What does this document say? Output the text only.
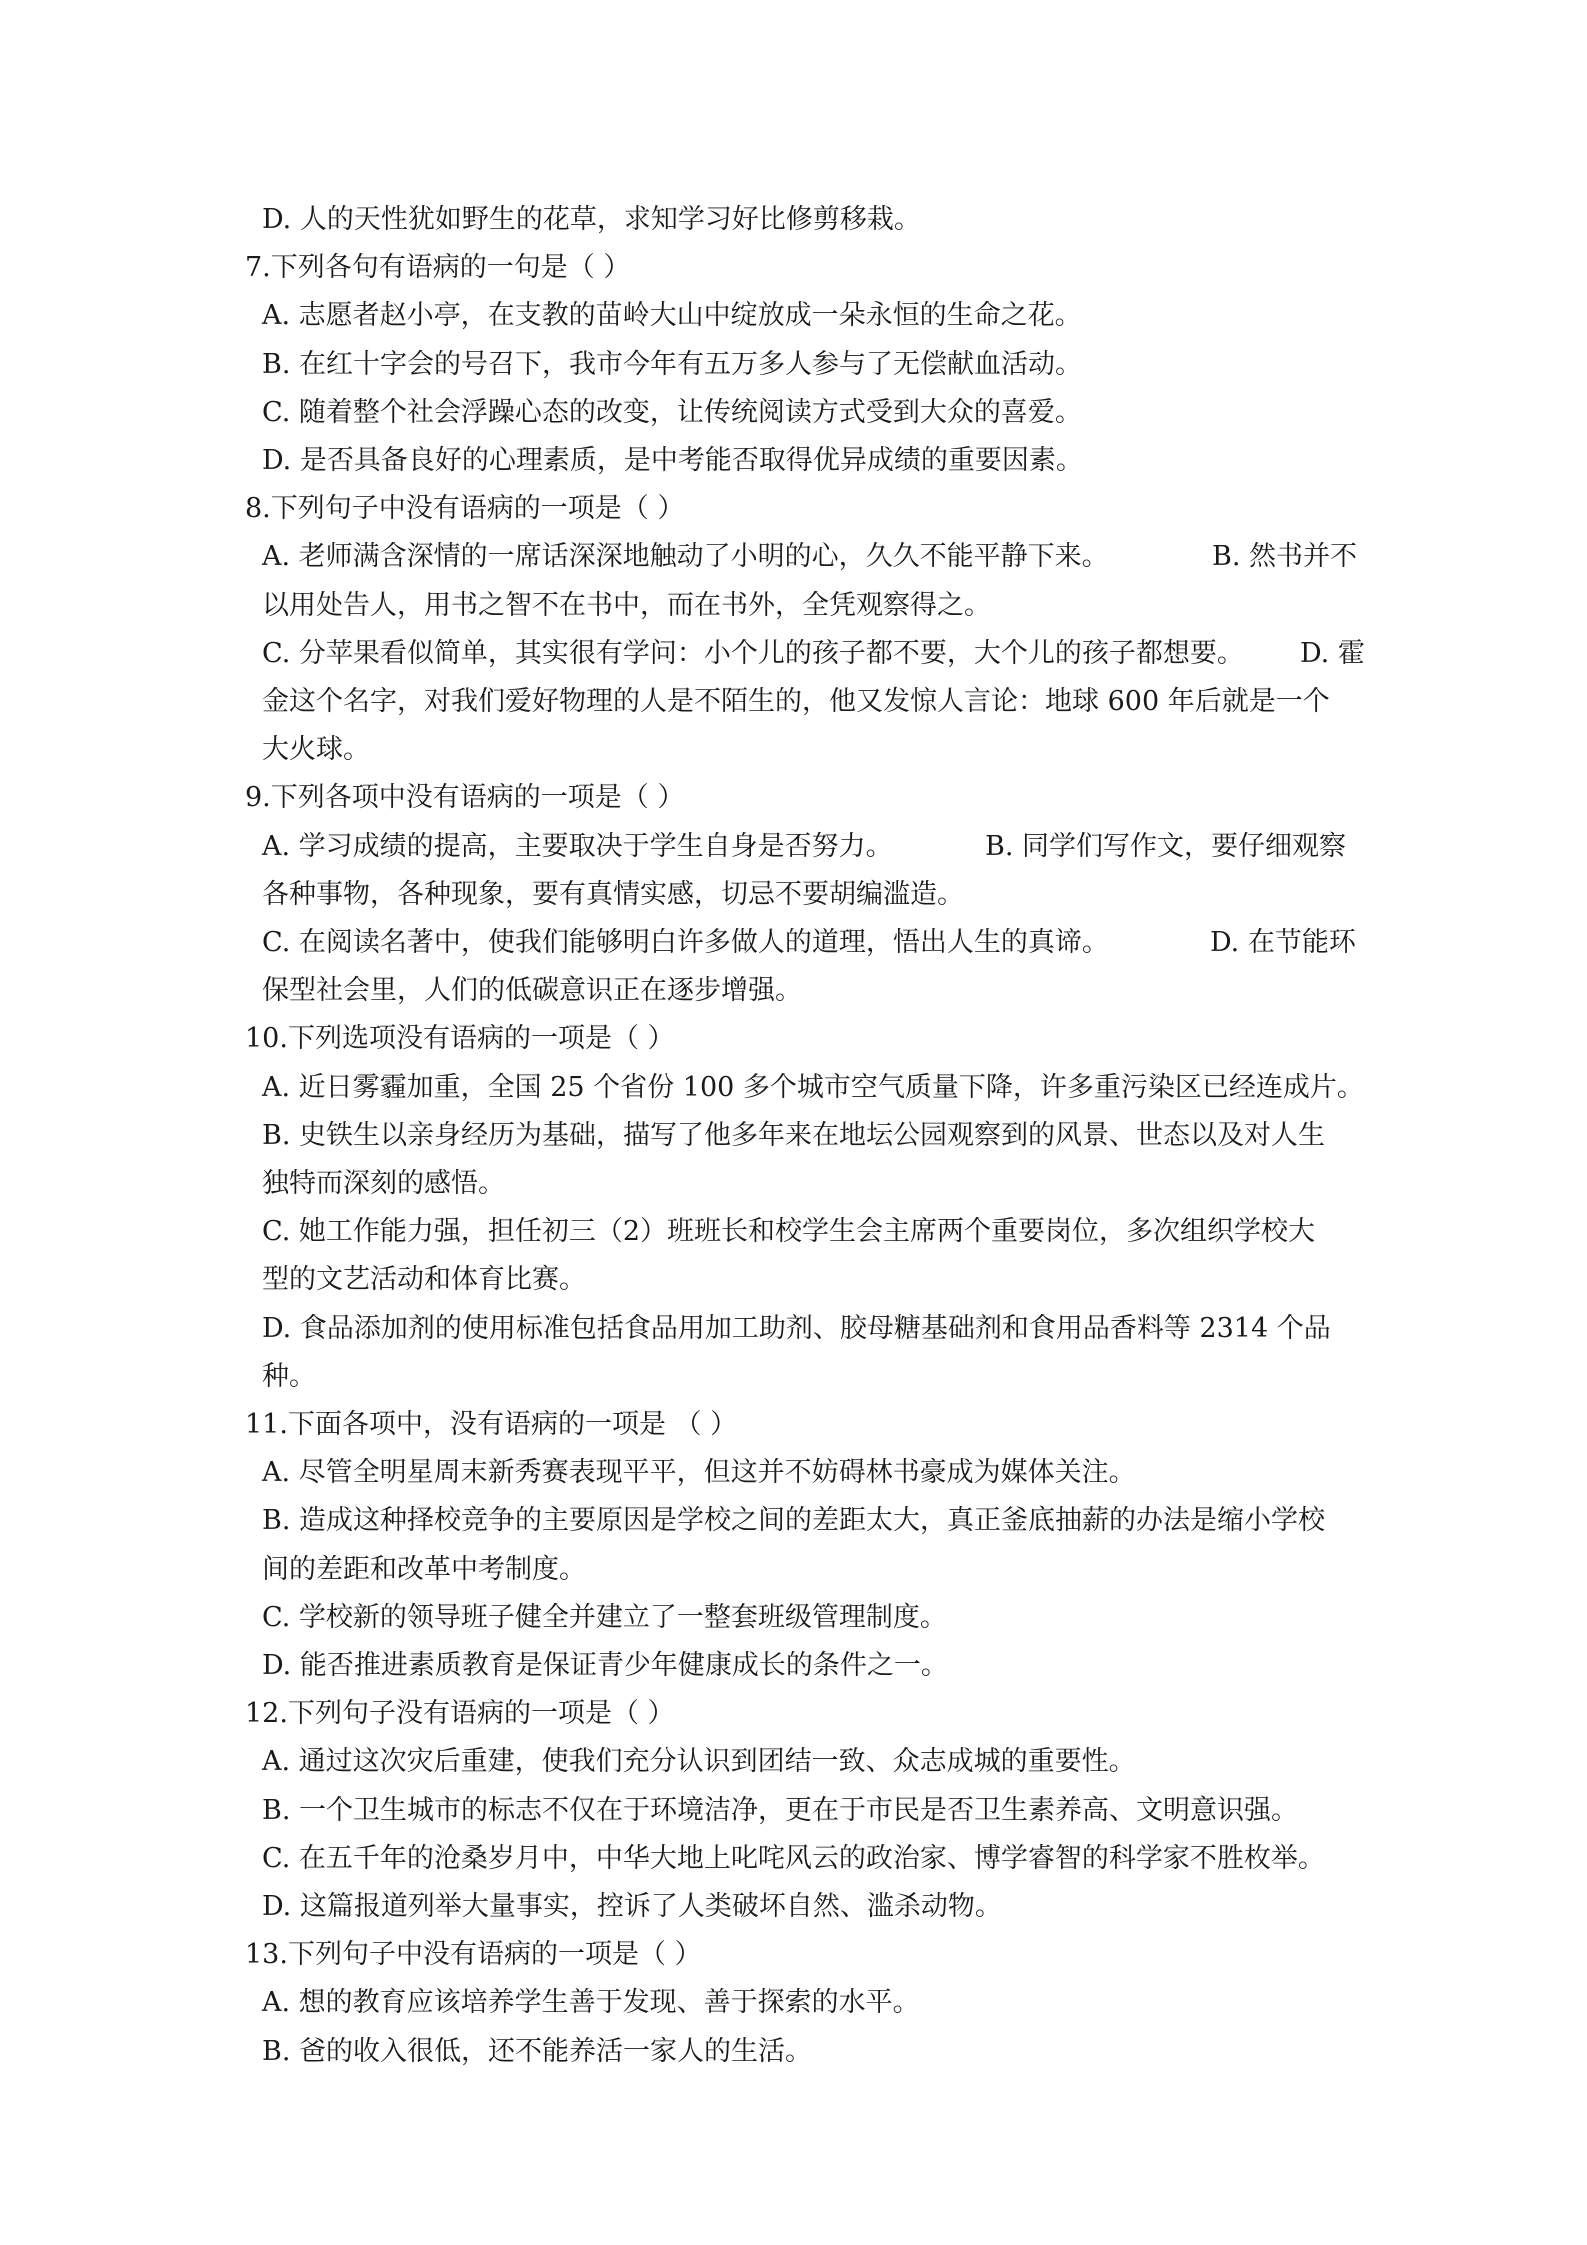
D. 人的天性犹如野生的花草，求知学习好比修剪移栽。
7.下列各句有语病的一句是（ ）
A. 志愿者赵小亭，在支教的苗岭大山中绽放成一朵永恒的生命之花。
B. 在红十字会的号召下，我市今年有五万多人参与了无偿献血活动。
C. 随着整个社会浮躁心态的改变，让传统阅读方式受到大众的喜爱。
D. 是否具备良好的心理素质，是中考能否取得优异成绩的重要因素。
8.下列句子中没有语病的一项是（ ）
A. 老师满含深情的一席话深深地触动了小明的心，久久不能平静下来。	B. 然书并不
以用处告人，用书之智不在书中，而在书外，全凭观察得之。
C. 分苹果看似简单，其实很有学问：小个儿的孩子都不要，大个儿的孩子都想要。 D. 霍
金这个名字，对我们爱好物理的人是不陌生的，他又发惊人言论：地球 600 年后就是一个
大火球。
9.下列各项中没有语病的一项是（ ）
A. 学习成绩的提高，主要取决于学生自身是否努力。	B. 同学们写作文，要仔细观察
各种事物，各种现象，要有真情实感，切忌不要胡编滥造。
C. 在阅读名著中，使我们能够明白许多做人的道理，悟出人生的真谛。	D. 在节能环
保型社会里，人们的低碳意识正在逐步增强。
10.下列选项没有语病的一项是（ ）
A. 近日雾霾加重，全国 25 个省份 100 多个城市空气质量下降，许多重污染区已经连成片。
B. 史铁生以亲身经历为基础，描写了他多年来在地坛公园观察到的风景、世态以及对人生
独特而深刻的感悟。
C. 她工作能力强，担任初三（2）班班长和校学生会主席两个重要岗位，多次组织学校大
型的文艺活动和体育比赛。
D. 食品添加剂的使用标准包括食品用加工助剂、胶母糖基础剂和食用品香料等 2314 个品
种。
11.下面各项中，没有语病的一项是 （ ）
A. 尽管全明星周末新秀赛表现平平，但这并不妨碍林书豪成为媒体关注。
B. 造成这种择校竞争的主要原因是学校之间的差距太大，真正釜底抽薪的办法是缩小学校
间的差距和改革中考制度。
C. 学校新的领导班子健全并建立了一整套班级管理制度。
D. 能否推进素质教育是保证青少年健康成长的条件之一。
12.下列句子没有语病的一项是（ ）
A. 通过这次灾后重建，使我们充分认识到团结一致、众志成城的重要性。
B. 一个卫生城市的标志不仅在于环境洁净，更在于市民是否卫生素养高、文明意识强。
C. 在五千年的沧桑岁月中，中华大地上叱咤风云的政治家、博学睿智的科学家不胜枚举。
D. 这篇报道列举大量事实，控诉了人类破坏自然、滥杀动物。
13.下列句子中没有语病的一项是（ ）
A. 想的教育应该培养学生善于发现、善于探索的水平。
B. 爸的收入很低，还不能养活一家人的生活。
